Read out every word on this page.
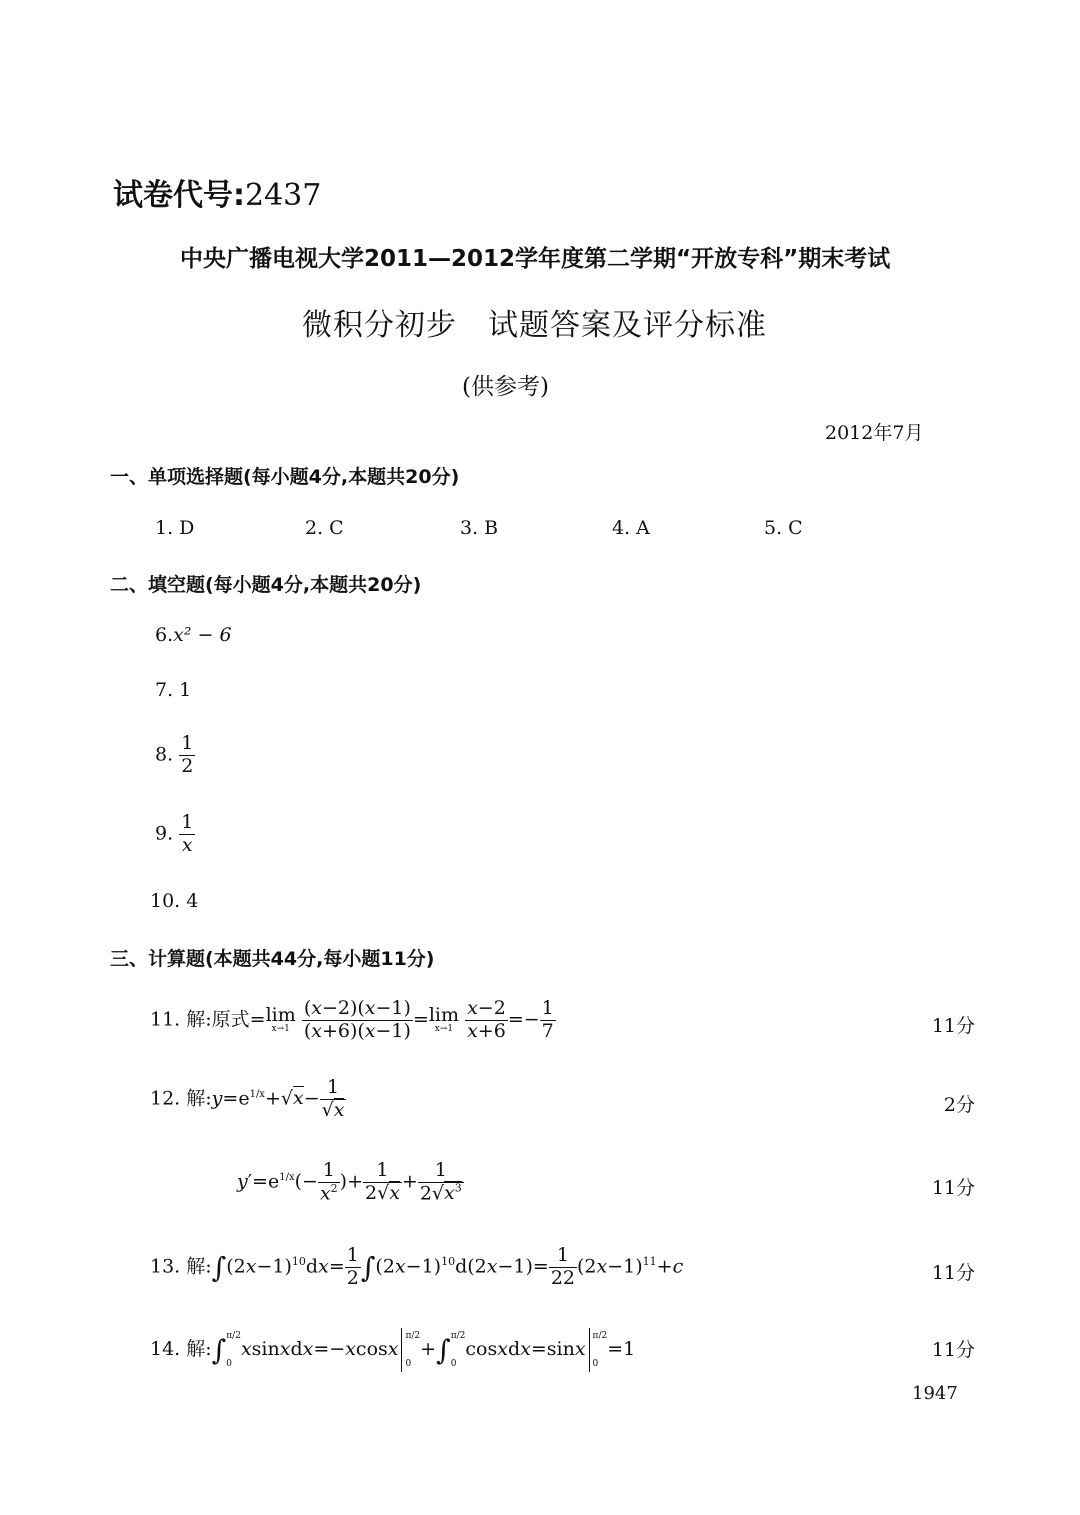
试卷代号:2437
中央广播电视大学2011—2012学年度第二学期“开放专科”期末考试
微积分初步　试题答案及评分标准
(供参考)
2012年7月
一、单项选择题(每小题4分,本题共20分)
1. D	2. C	3. B	4. A	5. C
二、填空题(每小题4分,本题共20分)
6.x² − 6
7. 1
8. $\frac{1}{2}$
9. $\frac{1}{x}$
10. 4
三、计算题(本题共44分,每小题11分)
11. 解:原式=lim
x→1
$\frac{(x-2)(x-1)}{(x+6)(x-1)} =\lim$
x→1
$\frac{x-2}{x+6} =- \frac{1}{7}$	11分
12. 解$:y=e^{1/x}+√x- \frac{1}{√x}$	2分
$y'=e^{1/x}(- \frac{1}{x^2}$ )+ $\frac{1}{2√x} + \frac{1}{2√x^3}$	11分
13. 解$:\int(2x-1)^{10}dx= \frac{1}{2} \int(2x-1)^{10}d(2x-1)= \frac{1}{22} (2x-1)^{11}+c$	11分
14. 解:∫π/2
0xsinxdx=−xcosxπ/2
0+∫π/2
0cosxdx=sinxπ/2
0=1	11分
1947
